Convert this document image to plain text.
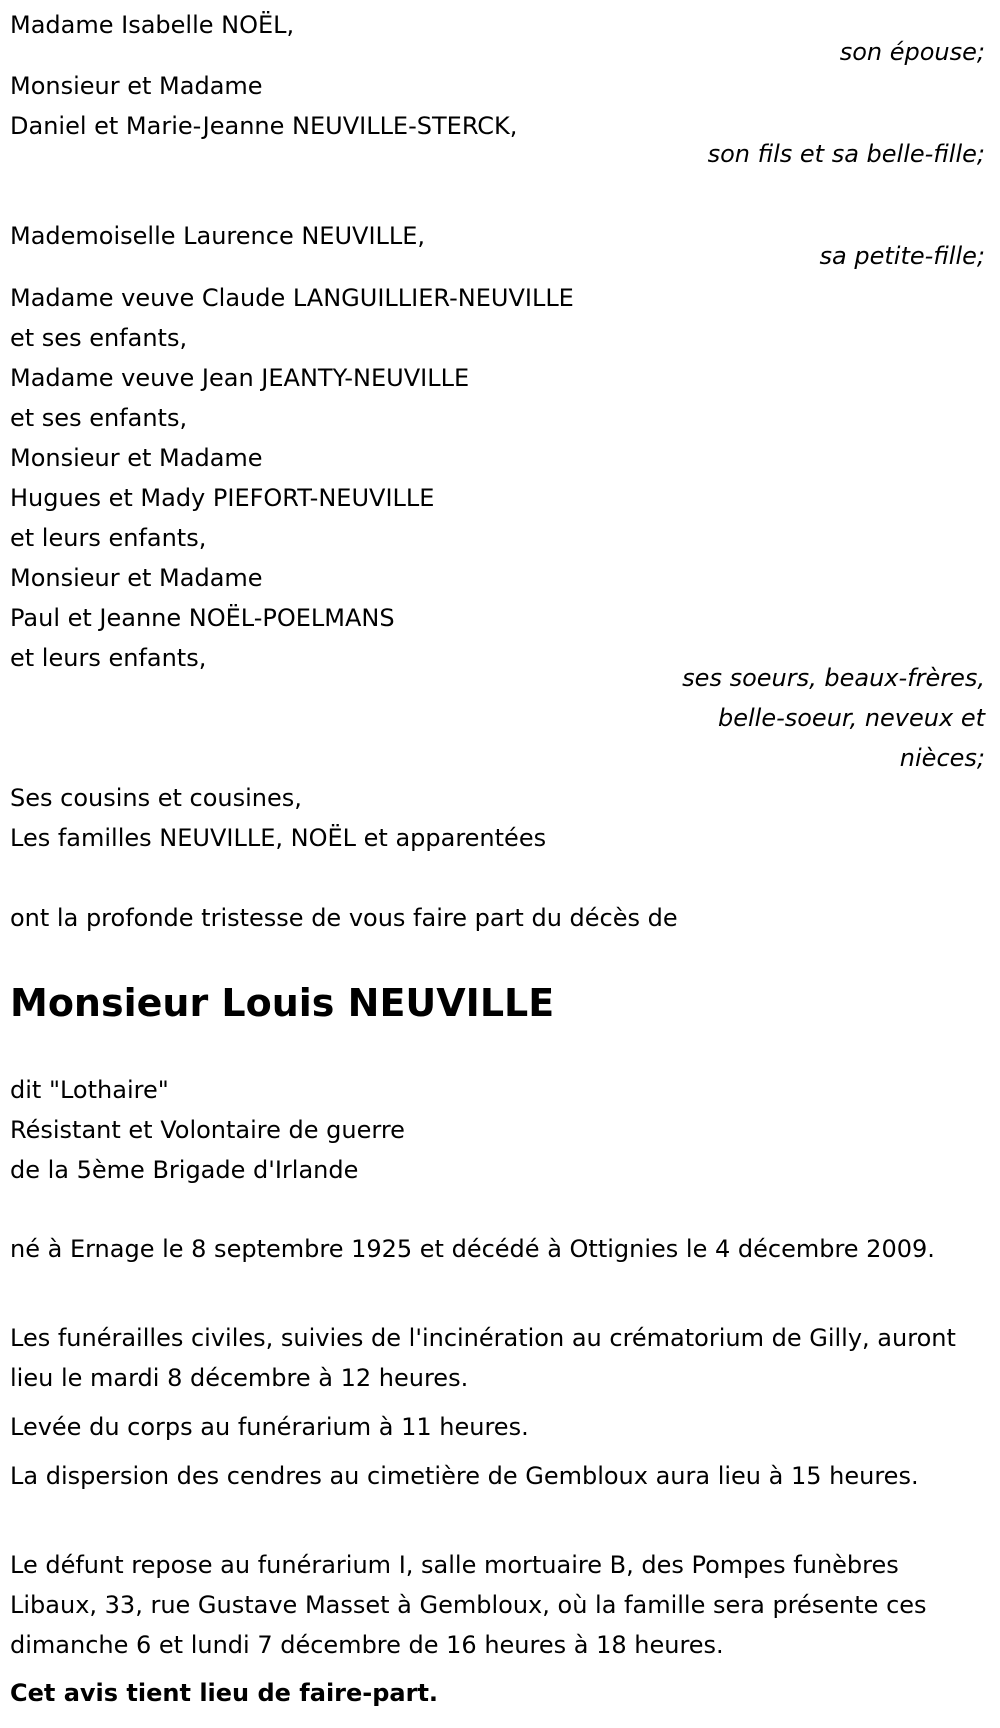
Madame Isabelle NOËL,
son épouse;
Monsieur et Madame
Daniel et Marie-Jeanne NEUVILLE-STERCK,
son fils et sa belle-fille;
Mademoiselle Laurence NEUVILLE,
sa petite-fille;
Madame veuve Claude LANGUILLIER-NEUVILLE
et ses enfants,
Madame veuve Jean JEANTY-NEUVILLE
et ses enfants,
Monsieur et Madame
Hugues et Mady PIEFORT-NEUVILLE
et leurs enfants,
Monsieur et Madame
Paul et Jeanne NOËL-POELMANS
et leurs enfants,
ses soeurs, beaux-frères, belle-soeur, neveux et nièces;
Ses cousins et cousines,
Les familles NEUVILLE, NOËL et apparentées
ont la profonde tristesse de vous faire part du décès de
Monsieur Louis NEUVILLE
dit "Lothaire"
Résistant et Volontaire de guerre
de la 5ème Brigade d'Irlande
né à Ernage le 8 septembre 1925 et décédé à Ottignies le 4 décembre 2009.
Les funérailles civiles, suivies de l'incinération au crématorium de Gilly, auront lieu le mardi 8 décembre à 12 heures.
Levée du corps au funérarium à 11 heures.
La dispersion des cendres au cimetière de Gembloux aura lieu à 15 heures.
Le défunt repose au funérarium I, salle mortuaire B, des Pompes funèbres Libaux, 33, rue Gustave Masset à Gembloux, où la famille sera présente ces dimanche 6 et lundi 7 décembre de 16 heures à 18 heures.
Cet avis tient lieu de faire-part.
